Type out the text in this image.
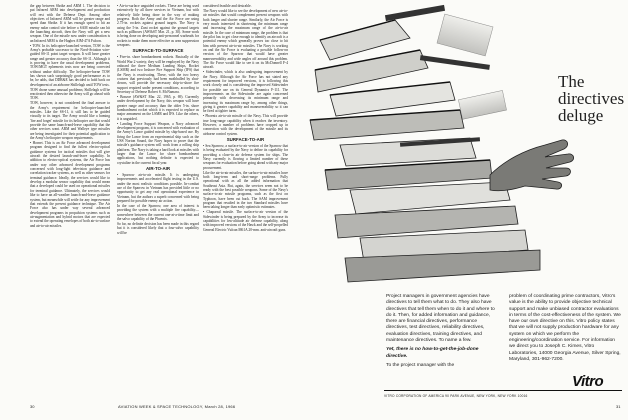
the gap between Shrike and ARM 1. The decision to put Infrared ARM into development and production will rest with the Defense Dept. Among other objectives of Infrared ARM will be greater range and speed than Shrike. If it has enough speed to hit an enemy radar control site before a SAM missile can hit the launching aircraft, then the Navy will get a new weapon. One of the missile now under consideration is an Infrared ARM is the Hughes AIM-47A Falcon.

• TOW. In its helicopter-launched version, TOW is the Army's probable successor to the Nord-Aviation wire-guided SS-11 point target weapon. It will have greater range and greater accuracy than the SS-11. Although it is proving to have the usual development problems, TOW/MGT ephemeris tests now are being corrected without undue difficulty. The helicopter-borne TOW has shown such surprisingly good performance as to be, he adds, that DDR&E has decided to hold back on development of an airborne Shillelagh until TOW tests.

TOW drone some unusual problems; Shillelagh will be reactivated then otherwise the Army will go ahead with TOW.

TOW, however, is not considered the final answer to the Army's requirement for helicopter-launched missiles. Like the SS-11, it still has to be guided visually to its target. The Army would like a homing 'fire and forget' missile for its helicopter use that would provide the same launch-and-leave capability that the other services want. ARM and Walleye type missiles are being investigated for their potential application to the Army's helicopter weapon requirements.

• Hornet. This is an Air Force advanced development program designed to find the fullest electro-optical guidance systems for tactical missiles that will give aircraft the desired launch-and-leave capability. In addition to electro-optical systems, the Air Force has under way other advanced development programs concerned with long-light television guidance and correlation tracker systems, as well as other sensors for terminal guidance. Ideally, the services would like to develop a modular sensor capability that would mean that a developed could be used on operational missiles for terminal guidance. Ultimately, the services would like to have an all-weather launch-and-leave guidance system, but meanwhile will settle for any improvement that extends the present guidance technique. The Air Force also has under way several advanced development programs in propulsion systems such as air-augmentation and hybrid motors that are expected to extend the operating envelopes of both air-to-surface and air-to-air missiles.

• Air-to-surface unguided rockets. These are being used extensively by all three services in Vietnam, but with relatively little being done in the way of making progress. Both the Army and the Air Force are using 2.75-in. rockets against ground targets. The Navy is using the 5-in. Zuni rocket against the ground targets such as pillboxes (AW&ST Mar. 21, p. 30). Some work is being done on developing anti-personnel warheads for rockets to make them more effective as area suppression weapons.

SURFACE-TO-SURFACE

• Five-in. shore bombardment rockets. Basically of the World War 2 variety, they will be employed by the Navy onboard the three Medium Landing Ships, Rocket (LSMR) and two Inshore Fire Support Ship (IFS) that the Navy is reactivating. These, with the two heavy cruisers that previously had been mothballed by shut-downs, will provide the necessary ship-to-shore fire support required under present conditions, according to Secretary of Defense Robert S. McNamara.

• Bonzoe (AW&ST Mar. 22, 1965, p. 69). Currently under development by the Navy, this weapon will have greater range and accuracy than the older 5-in. shore bombardment rocket which it is expected to replace as major armament on the LSMR and IFS. Like the others, it is unguided.

• Landing Force Support Weapon, a Navy advanced development program, it is concerned with evaluation of the Army's Lance guided missile by ship-based use. By firing the Lance from an experimental ship such as the USS Norton Sound, the Navy hopes to prove that the missile's guidance system will work from a rolling ship platform. The Navy is taking a hard look at missiles with larger than the Lance for shore bombardment applications, but nothing definite is expected to crystalize in the current fiscal year.

AIR-TO-AIR

• Sparrow air-to-air missile. It is undergoing improvements and accelerated flight testing in the U.S. under the most realistic conditions possible. In-combat use of the Sparrow in Vietnam has provided little or no opportunity to get any real operational experience in Vietnam, but the authors a superb concerned with being prepared for possible enemy air action.

In the case of the Sparrow, one area of interest is providing the system with a multiple fire capability—somewhere between the current one-at-a-time limit and the salvo capability of the Phoenix.

So far, no definite decision has been made in this regard but it is considered likely that a four-salvo capability will be

considered feasible and desirable.

The Navy would like to see the development of new air-to-air missiles that would complement present weapons with both longer and shorter range. Similarly, the Air Force is very much interested in shortening the minimum range and increasing the maximum range of the air-to-air missile. In the case of minimum range, the problem is that the pilot has to get close enough to identify an aircraft is a potential enemy which generally proves too close to hit him with present air-to-air missiles. The Navy is working on and the Air Force is evaluating a possible follow-on version of the Sparrow that would have greater maneuverability and wide angles off around this problem. The Air Force would like to see it on its McDonnell F-4 aircraft.

• Sidewinder, which is also undergoing improvement by the Navy. Although the Air Force has not stated any requirement for improved versions, it is following this work closely and is considering the improved Sidewinder for possible use on its General Dynamics F-111. The improvements on the Sidewinder are again concerned primarily with decreasing its minimum range and increasing its maximum range by, among other things, giving it greater capability and maneuverability so it can be fired at tighter turns.

• Phoenix air-to-air missile of the Navy. This will provide true long-range capability when it reaches the inventory. However, a number of problems have cropped up in connection with the development of the missile and its airborne control system.

SURFACE-TO-AIR

• Sea Sparrow, a surface-to-air version of the Sparrow that is being evaluated by the Navy to define its capability for providing a close-in air defense system for ships. The Navy currently is flowing a limited number of these weapons for evaluation before going ahead with any major procurement.

Like the air-to-air missiles, the surface-to-air missiles have both long-term and short-range problems. Fully operational with as all the added information that Southeast Asia. But, again, the services seem not to be ready with the best possible weapons. Some of the Navy's surface-to-air missile programs, such as the first on Typhoon, have been cut back. The SAM improvement program that resulted in the two Standard missiles have been taking longer than early optimistic estimates.

• Chaparral missile. The surface-to-air version of the Sidewinder is being prepared by the Army to increase its capabilities for low-altitude air defense capability, along with improved versions of the Hawk and the self-propelled General Electric Vulcan M61A 20-mm. anti-aircraft guns.

The
directives
deluge

Project managers in government agencies have directives to tell them what to do. They also have directives that tell them when to do it and where to do it. Then, for added information and guidance, there are financial directives, performance directives, test directives, reliability directives, evaluation directives, training directives, and maintenance directives. To name a few.

Yet, there is no how-to-get-the-job-done directive.

To the project manager with the

problem of coordinating prime contractors, Vitro's value is the ability to provide objective technical support and make unbiased contractor evaluations in terms of the cost-effectiveness of the system. We have our own directive on this. Vitro policy states that we will not supply production hardware for any system on which we perform the engineering/coordination service. For information we direct you to Joseph C. Kimes, Vitro Laboratories, 14000 Georgia Avenue, Silver Spring, Maryland, 301-962-7200.
Vitro
VITRO CORPORATION OF AMERICA 90 PARK AVENUE, NEW YORK, NEW YORK 10016
30	AVIATION WEEK & SPACE TECHNOLOGY, March 28, 1966	31
